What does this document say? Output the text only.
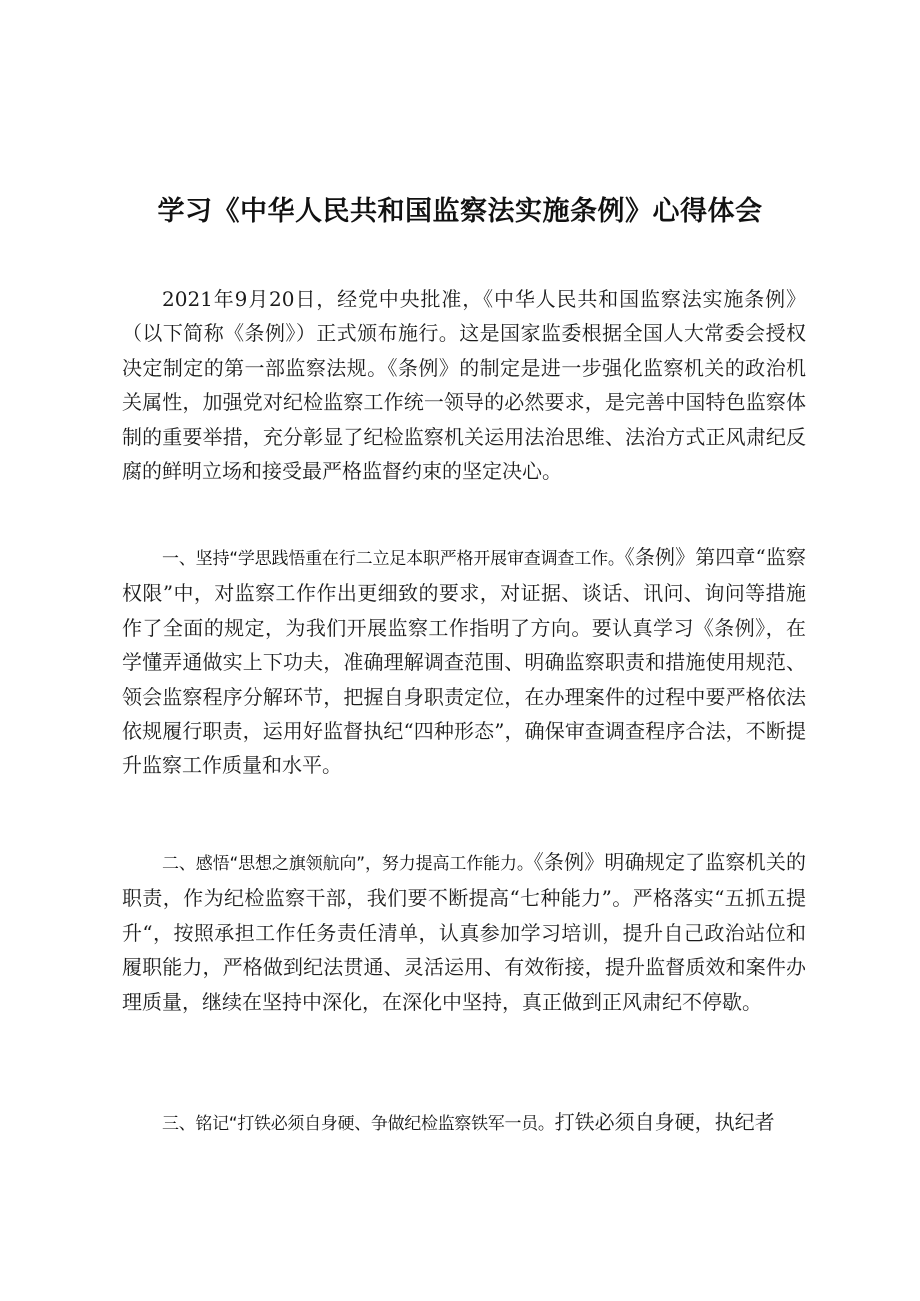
学习《中华人民共和国监察法实施条例》心得体会

2021年9月20日，经党中央批准，《中华人民共和国监察法实施条例》（以下简称《条例》）正式颁布施行。这是国家监委根据全国人大常委会授权决定制定的第一部监察法规。《条例》的制定是进一步强化监察机关的政治机关属性，加强党对纪检监察工作统一领导的必然要求，是完善中国特色监察体制的重要举措，充分彰显了纪检监察机关运用法治思维、法治方式正风肃纪反腐的鲜明立场和接受最严格监督约束的坚定决心。

一、坚持“学思践悟重在行二立足本职严格开展审查调查工作。《条例》第四章“监察权限”中，对监察工作作出更细致的要求，对证据、谈话、讯问、询问等措施作了全面的规定，为我们开展监察工作指明了方向。要认真学习《条例》，在学懂弄通做实上下功夫，准确理解调查范围、明确监察职责和措施使用规范、领会监察程序分解环节，把握自身职责定位，在办理案件的过程中要严格依法依规履行职责，运用好监督执纪“四种形态”，确保审查调查程序合法，不断提升监察工作质量和水平。

二、感悟“思想之旗领航向”，努力提高工作能力。《条例》明确规定了监察机关的职责，作为纪检监察干部，我们要不断提高“七种能力”。严格落实“五抓五提升“，按照承担工作任务责任清单，认真参加学习培训，提升自己政治站位和履职能力，严格做到纪法贯通、灵活运用、有效衔接，提升监督质效和案件办理质量，继续在坚持中深化，在深化中坚持，真正做到正风肃纪不停歇。

三、铭记“打铁必须自身硬、争做纪检监察铁军一员。打铁必须自身硬，执纪者
